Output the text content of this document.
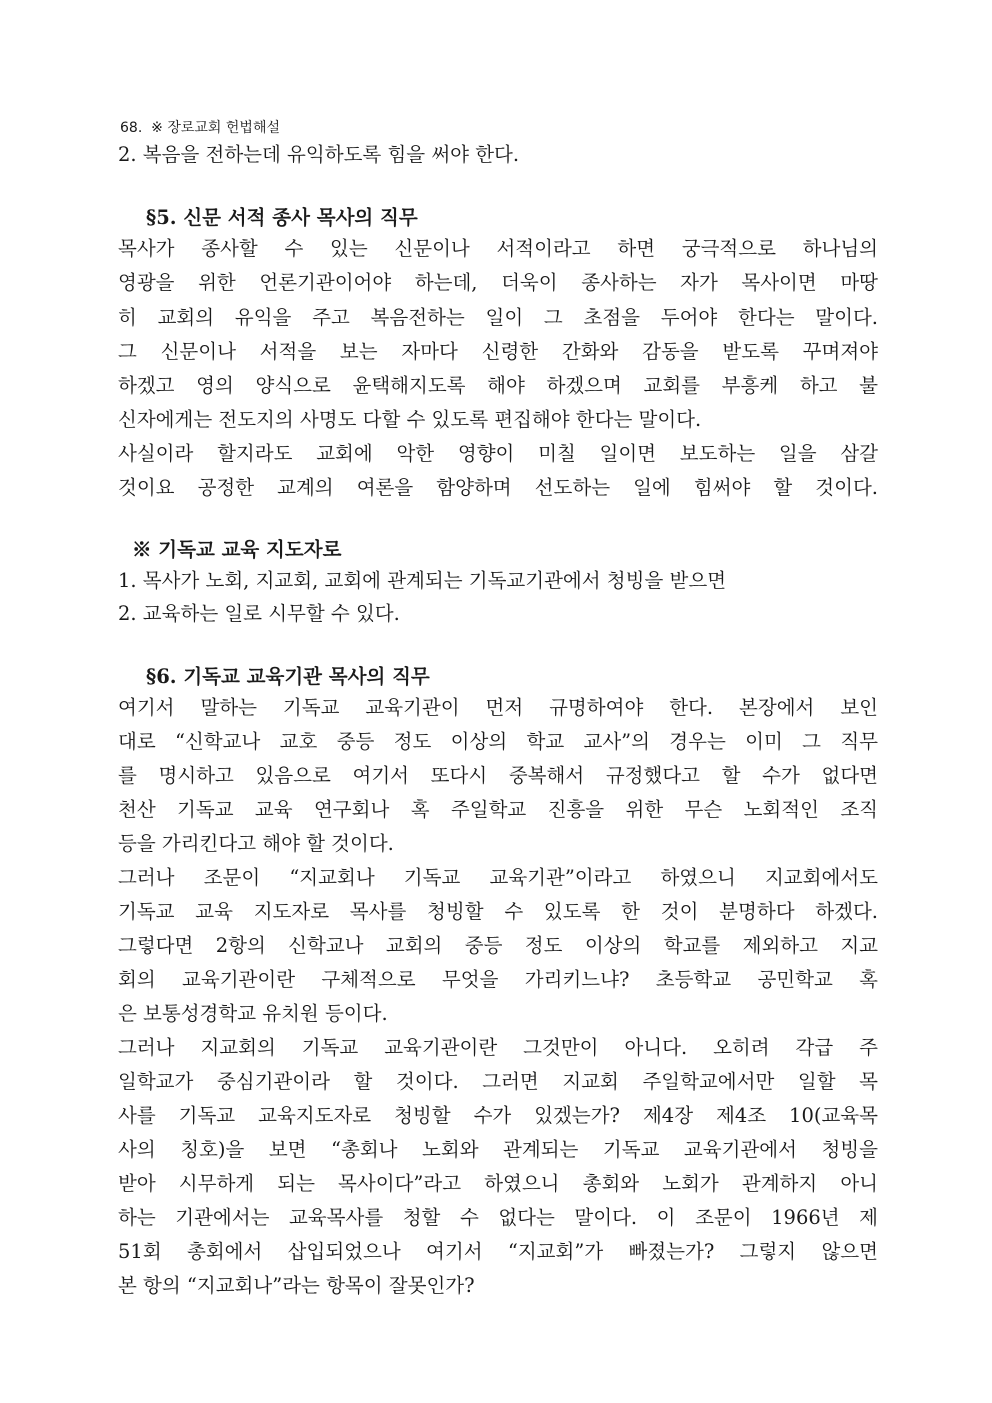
68. ※ 장로교회 헌법해설
2. 복음을 전하는데 유익하도록 힘을 써야 한다.
§5. 신문 서적 종사 목사의 직무
목사가 종사할 수 있는 신문이나 서적이라고 하면 궁극적으로 하나님의
영광을 위한 언론기관이어야 하는데, 더욱이 종사하는 자가 목사이면 마땅
히 교회의 유익을 주고 복음전하는 일이 그 초점을 두어야 한다는 말이다.
그 신문이나 서적을 보는 자마다 신령한 간화와 감동을 받도록 꾸며져야
하겠고 영의 양식으로 윤택해지도록 해야 하겠으며 교회를 부흥케 하고 불
신자에게는 전도지의 사명도 다할 수 있도록 편집해야 한다는 말이다.
사실이라 할지라도 교회에 악한 영향이 미칠 일이면 보도하는 일을 삼갈
것이요 공정한 교계의 여론을 함양하며 선도하는 일에 힘써야 할 것이다.
※ 기독교 교육 지도자로
1. 목사가 노회, 지교회, 교회에 관계되는 기독교기관에서 청빙을 받으면
2. 교육하는 일로 시무할 수 있다.
§6. 기독교 교육기관 목사의 직무
여기서 말하는 기독교 교육기관이 먼저 규명하여야 한다. 본장에서 보인
대로 “신학교나 교호 중등 정도 이상의 학교 교사”의 경우는 이미 그 직무
를 명시하고 있음으로 여기서 또다시 중복해서 규정했다고 할 수가 없다면
천산 기독교 교육 연구회나 혹 주일학교 진흥을 위한 무슨 노회적인 조직
등을 가리킨다고 해야 할 것이다.
그러나 조문이 “지교회나 기독교 교육기관”이라고 하였으니 지교회에서도
기독교 교육 지도자로 목사를 청빙할 수 있도록 한 것이 분명하다 하겠다.
그렇다면 2항의 신학교나 교회의 중등 정도 이상의 학교를 제외하고 지교
회의 교육기관이란 구체적으로 무엇을 가리키느냐? 초등학교 공민학교 혹
은 보통성경학교 유치원 등이다.
그러나 지교회의 기독교 교육기관이란 그것만이 아니다. 오히려 각급 주
일학교가 중심기관이라 할 것이다. 그러면 지교회 주일학교에서만 일할 목
사를 기독교 교육지도자로 청빙할 수가 있겠는가? 제4장 제4조 10(교육목
사의 칭호)을 보면 “총회나 노회와 관계되는 기독교 교육기관에서 청빙을
받아 시무하게 되는 목사이다”라고 하였으니 총회와 노회가 관계하지 아니
하는 기관에서는 교육목사를 청할 수 없다는 말이다. 이 조문이 1966년 제
51회 총회에서 삽입되었으나 여기서 “지교회”가 빠졌는가? 그렇지 않으면
본 항의 “지교회나”라는 항목이 잘못인가?
